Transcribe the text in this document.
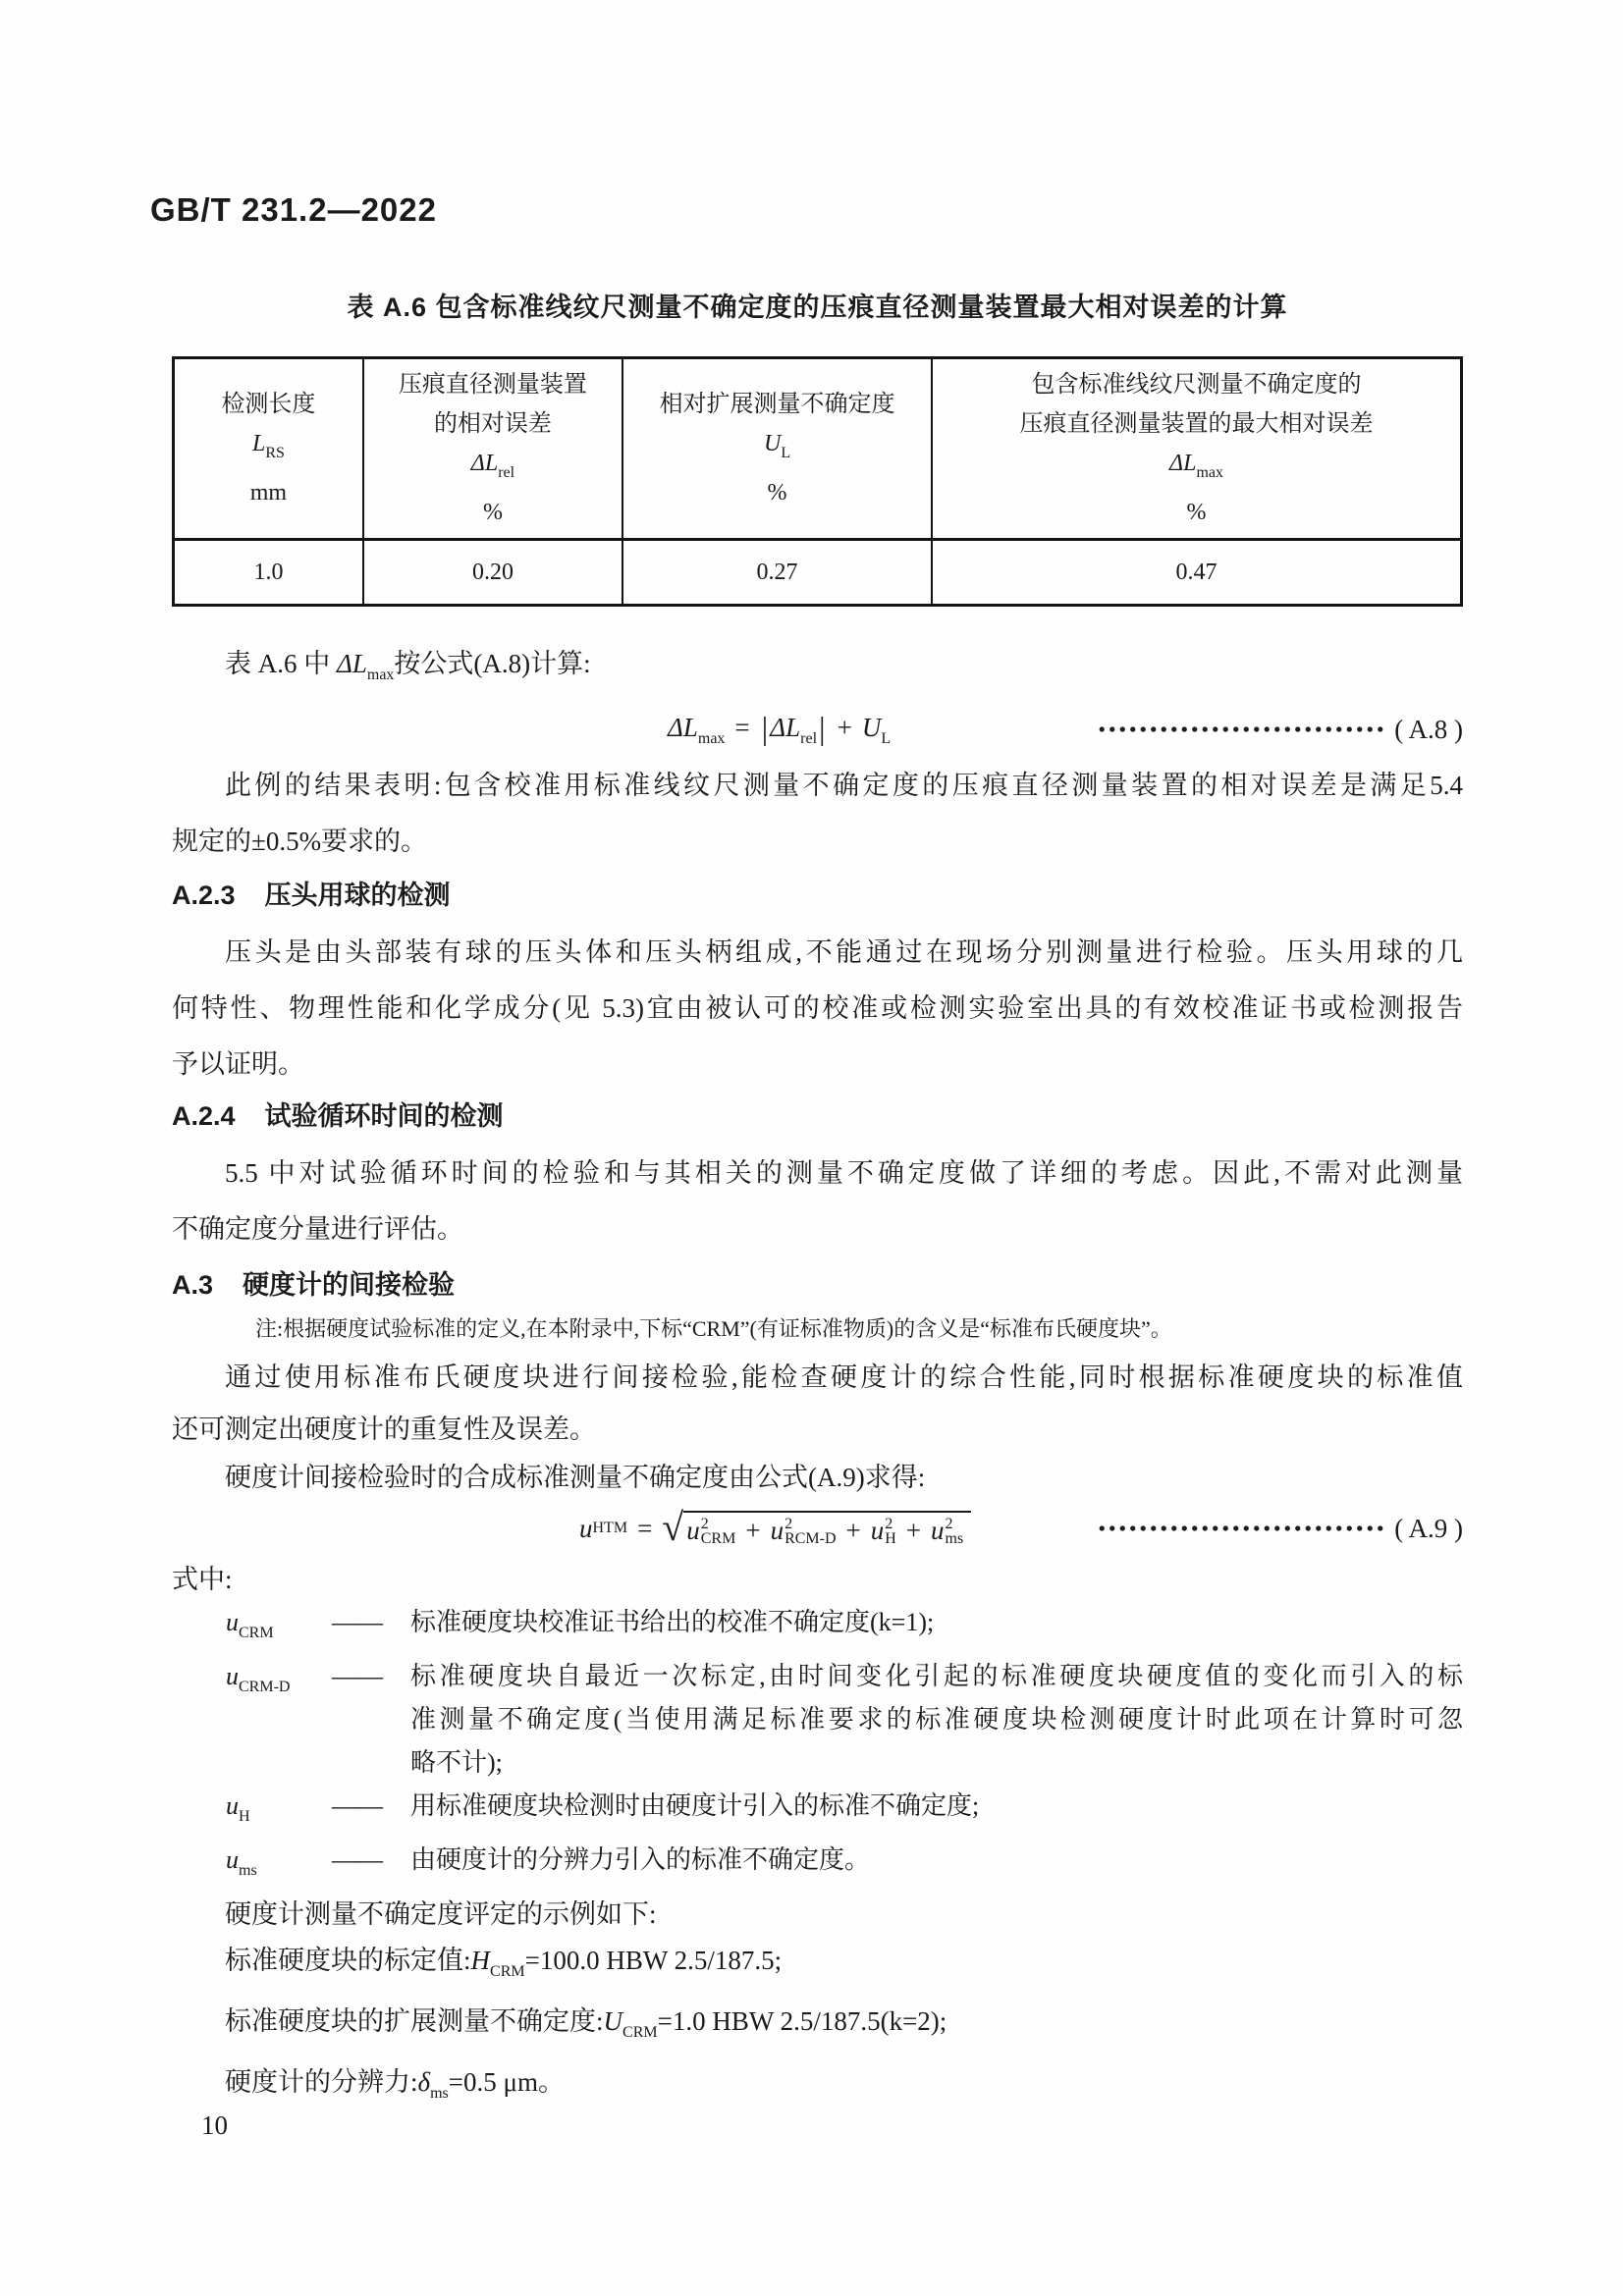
GB/T 231.2—2022
表 A.6 包含标准线纹尺测量不确定度的压痕直径测量装置最大相对误差的计算
检测长度
$L_{RS}$
mm

压痕直径测量装置
的相对误差
$\Delta L_{rel}$
%

相对扩展测量不确定度
$U_L$
%

包含标准线纹尺测量不确定度的
压痕直径测量装置的最大相对误差
$\Delta L_{max}$
%

1.0	0.20	0.27	0.47
表 A.6 中 $\Delta L_{max}$按公式(A.8)计算:
$\Delta L_{max} = |\Delta L_{rel}| + U_L$	( A.8 )
此例的结果表明:包含校准用标准线纹尺测量不确定度的压痕直径测量装置的相对误差是满足5.4
规定的±0.5%要求的。
A.2.3 压头用球的检测
压头是由头部装有球的压头体和压头柄组成,不能通过在现场分别测量进行检验。压头用球的几
何特性、物理性能和化学成分(见 5.3)宜由被认可的校准或检测实验室出具的有效校准证书或检测报告
予以证明。
A.2.4 试验循环时间的检测
5.5 中对试验循环时间的检验和与其相关的测量不确定度做了详细的考虑。因此,不需对此测量
不确定度分量进行评估。
A.3 硬度计的间接检验
注:根据硬度试验标准的定义,在本附录中,下标“CRM”(有证标准物质)的含义是“标准布氏硬度块”。
通过使用标准布氏硬度块进行间接检验,能检查硬度计的综合性能,同时根据标准硬度块的标准值
还可测定出硬度计的重复性及误差。
硬度计间接检验时的合成标准测量不确定度由公式(A.9)求得:
u HTM = √ u 2
CRM + u 2
RCM-D + u 2
H + u 2
ms	( A.9 )
式中:
$u_{CRM}$	——	标准硬度块校准证书给出的校准不确定度(k=1);
$u_{CRM-D}$	——	标准硬度块自最近一次标定,由时间变化引起的标准硬度块硬度值的变化而引入的标
准测量不确定度(当使用满足标准要求的标准硬度块检测硬度计时此项在计算时可忽
略不计);
$u_H$	——	用标准硬度块检测时由硬度计引入的标准不确定度;
$u_{ms}$	——	由硬度计的分辨力引入的标准不确定度。
硬度计测量不确定度评定的示例如下:
标准硬度块的标定值$:H_{CRM}=100.0$ HBW 2.5/187.5;
标准硬度块的扩展测量不确定度$:U_{CRM}=1.0$ HBW 2.5/187.5(k=2);
硬度计的分辨力$:\delta_{ms}=0.5$ μm。
10
